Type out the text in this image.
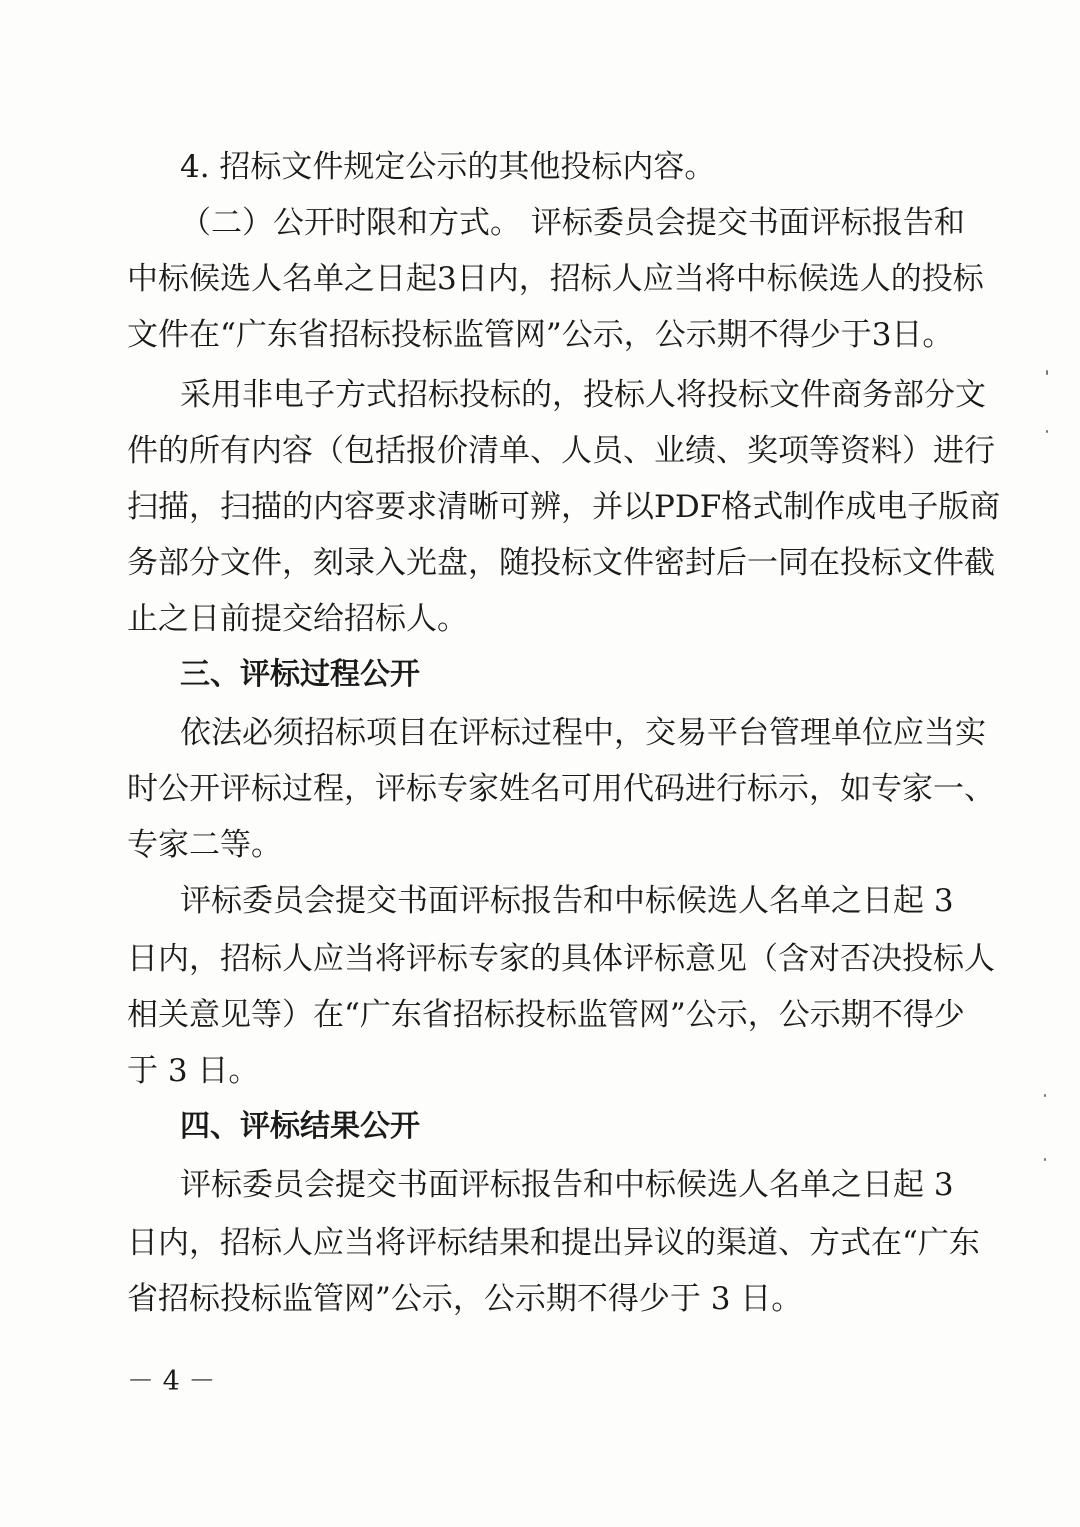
4. 招标文件规定公示的其他投标内容。
（二）公开时限和方式。 评标委员会提交书面评标报告和
中标候选人名单之日起3日内，招标人应当将中标候选人的投标
文件在“广东省招标投标监管网”公示，公示期不得少于3日。
采用非电子方式招标投标的，投标人将投标文件商务部分文
件的所有内容（包括报价清单、人员、业绩、奖项等资料）进行
扫描，扫描的内容要求清晰可辨，并以PDF格式制作成电子版商
务部分文件，刻录入光盘，随投标文件密封后一同在投标文件截
止之日前提交给招标人。
三、评标过程公开
依法必须招标项目在评标过程中，交易平台管理单位应当实
时公开评标过程，评标专家姓名可用代码进行标示，如专家一、
专家二等。
评标委员会提交书面评标报告和中标候选人名单之日起 3
日内，招标人应当将评标专家的具体评标意见（含对否决投标人
相关意见等）在“广东省招标投标监管网”公示，公示期不得少
于 3 日。
四、评标结果公开
评标委员会提交书面评标报告和中标候选人名单之日起 3
日内，招标人应当将评标结果和提出异议的渠道、方式在“广东
省招标投标监管网”公示，公示期不得少于 3 日。
－ 4 －
